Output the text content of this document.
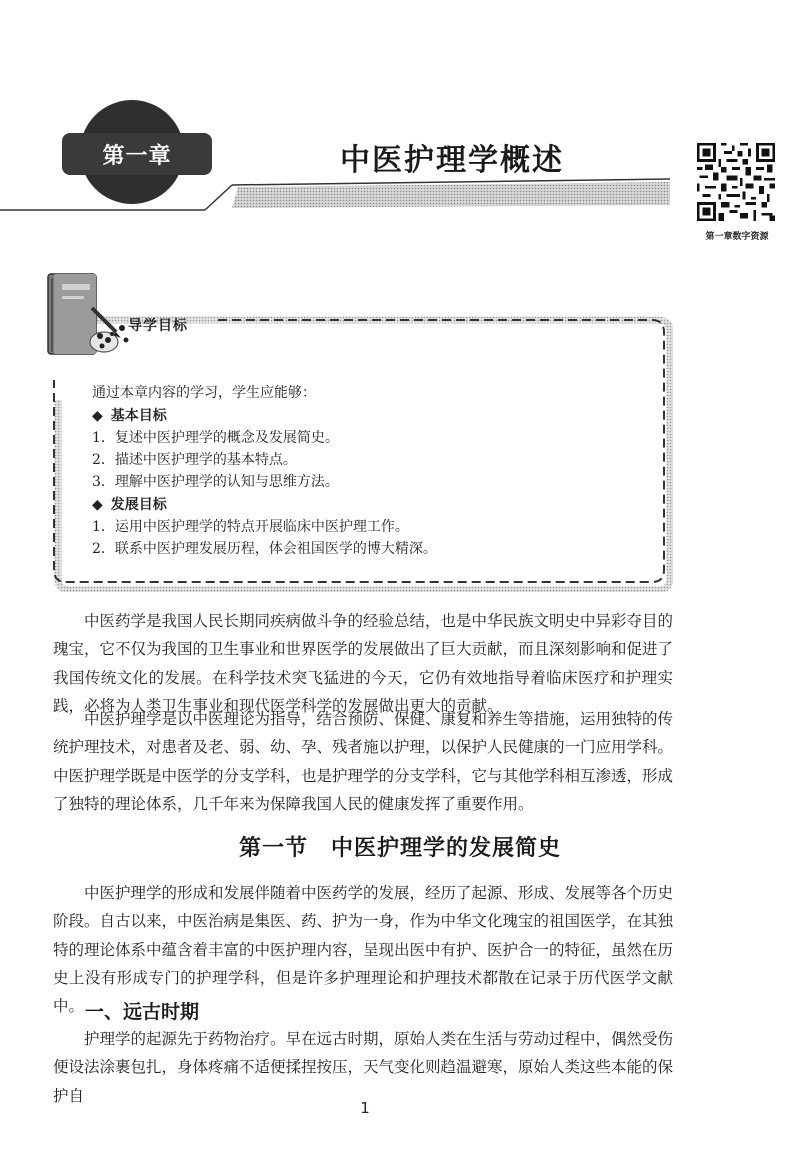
第一章	中医护理学概述
第一章数字资源
导学目标
通过本章内容的学习，学生应能够：
◆ 基本目标
1．复述中医护理学的概念及发展简史。
2．描述中医护理学的基本特点。
3．理解中医护理学的认知与思维方法。
◆ 发展目标
1．运用中医护理学的特点开展临床中医护理工作。
2．联系中医护理发展历程，体会祖国医学的博大精深。
中医药学是我国人民长期同疾病做斗争的经验总结，也是中华民族文明史中异彩夺目的瑰宝，它不仅为我国的卫生事业和世界医学的发展做出了巨大贡献，而且深刻影响和促进了我国传统文化的发展。在科学技术突飞猛进的今天，它仍有效地指导着临床医疗和护理实践，必将为人类卫生事业和现代医学科学的发展做出更大的贡献。
中医护理学是以中医理论为指导，结合预防、保健、康复和养生等措施，运用独特的传统护理技术，对患者及老、弱、幼、孕、残者施以护理，以保护人民健康的一门应用学科。中医护理学既是中医学的分支学科，也是护理学的分支学科，它与其他学科相互渗透，形成了独特的理论体系，几千年来为保障我国人民的健康发挥了重要作用。
第一节　中医护理学的发展简史
中医护理学的形成和发展伴随着中医药学的发展，经历了起源、形成、发展等各个历史阶段。自古以来，中医治病是集医、药、护为一身，作为中华文化瑰宝的祖国医学，在其独特的理论体系中蕴含着丰富的中医护理内容，呈现出医中有护、医护合一的特征，虽然在历史上没有形成专门的护理学科，但是许多护理理论和护理技术都散在记录于历代医学文献中。 一、远古时期
护理学的起源先于药物治疗。早在远古时期，原始人类在生活与劳动过程中，偶然受伤便设法涂裹包扎，身体疼痛不适便揉捏按压，天气变化则趋温避寒，原始人类这些本能的保护自
1
